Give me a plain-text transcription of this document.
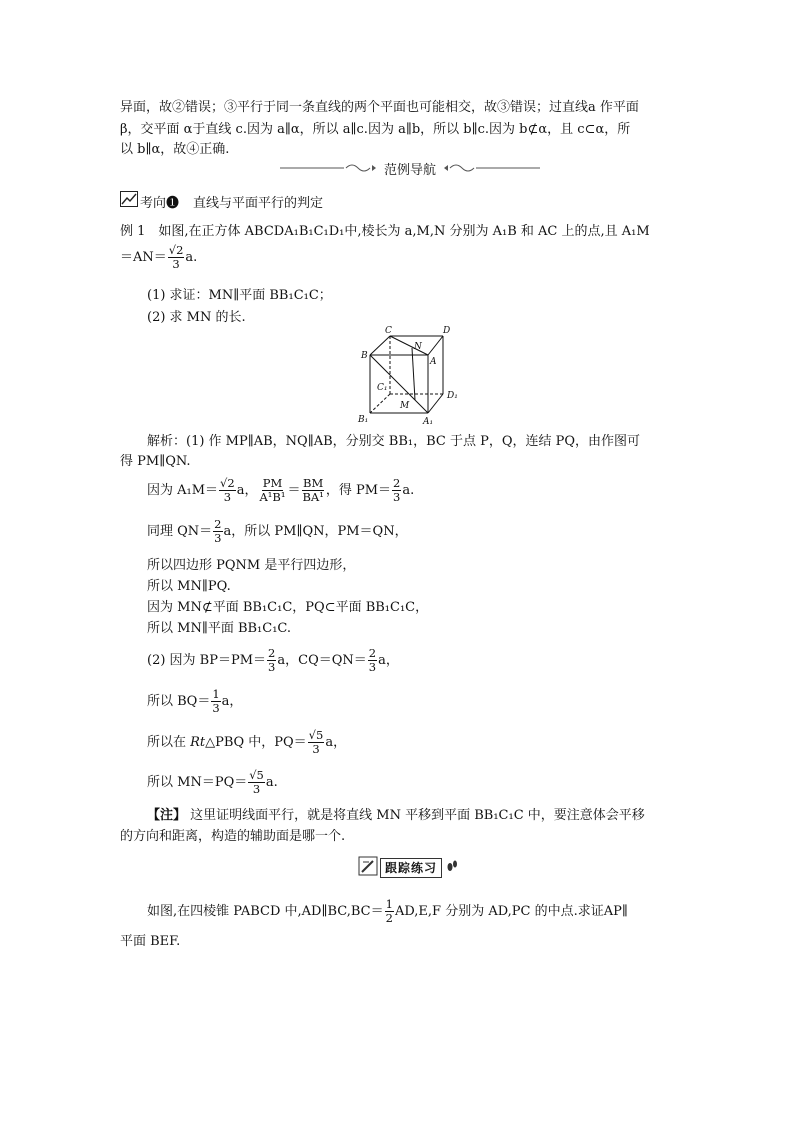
异面，故②错误；③平行于同一条直线的两个平面也可能相交，故③错误；过直线a 作平面
β，交平面 α于直线 c.因为 a∥α，所以 a∥c.因为 a∥b，所以 b∥c.因为 b⊄α，且 c⊂α，所
以 b∥α，故④正确.
范例导航
考向❶ 直线与平面平行的判定
例 1　如图,在正方体 ABCDA₁B₁C₁D₁中,棱长为 a,M,N 分别为 A₁B 和 AC 上的点,且 A₁M
$=AN= \frac{√2}{3} a$.
(1) 求证：MN∥平面 BB₁C₁C；
(2) 求 MN 的长.
C	D
B
N
A
C₁
D₁
M
B₁	A₁
解析：(1) 作 MP∥AB，NQ∥AB，分别交 BB₁，BC 于点 P，Q，连结 PQ，由作图可
得 PM∥QN.
因为 $A_1M= \frac{√2}{3}$ a， $\frac{PM}{\text{A¹B¹}} = \frac{BM}{\text{BA¹}}$ ，得 $PM= \frac{2}{3} a$.
同理 $QN= \frac{2}{3}$ a，所以 PM∥QN，PM＝QN，
所以四边形 PQNM 是平行四边形，
所以 MN∥PQ.
因为 MN⊄平面 BB₁C₁C，PQ⊂平面 BB₁C₁C，
所以 MN∥平面 BB₁C₁C.
(2) 因为 $BP=PM= \frac{2}{3}$ a，$CQ=QN= \frac{2}{3}$ a，
所以 $BQ= \frac{1}{3}$ a，
所以在 Rt△PBQ 中，$PQ= \frac{√5}{3}$ a，
所以 $MN=PQ= \frac{√5}{3} a$.
【注】 这里证明线面平行，就是将直线 MN 平移到平面 BB₁C₁C 中，要注意体会平移
的方向和距离，构造的辅助面是哪一个.
跟踪练习
如图,在四棱锥 PABCD 中,AD∥BC,BC＝ $\frac{1}{2} AD,E,F$ 分别为 AD,PC 的中点.求证AP∥
平面 BEF.
